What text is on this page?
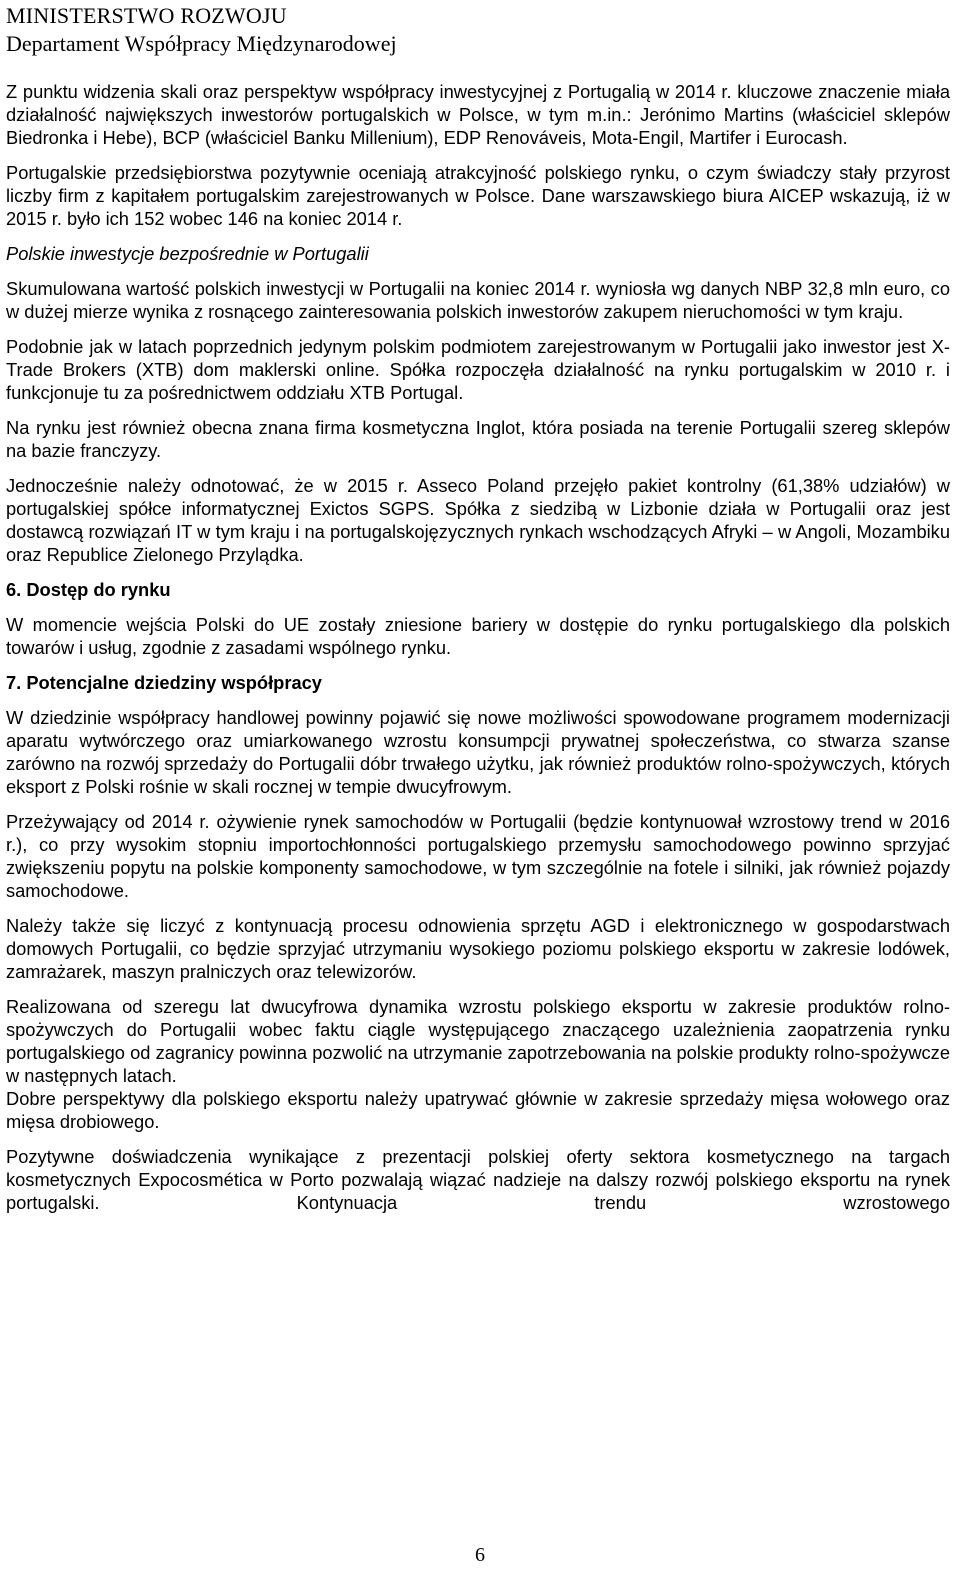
MINISTERSTWO ROZWOJU
Departament Współpracy Międzynarodowej

Z punktu widzenia skali oraz perspektyw współpracy inwestycyjnej z Portugalią w 2014 r. kluczowe znaczenie miała działalność największych inwestorów portugalskich w Polsce, w tym m.in.: Jerónimo Martins (właściciel sklepów Biedronka i Hebe), BCP (właściciel Banku Millenium), EDP Renováveis, Mota-Engil, Martifer i Eurocash.

Portugalskie przedsiębiorstwa pozytywnie oceniają atrakcyjność polskiego rynku, o czym świadczy stały przyrost liczby firm z kapitałem portugalskim zarejestrowanych w Polsce. Dane warszawskiego biura AICEP wskazują, iż w 2015 r. było ich 152 wobec 146 na koniec 2014 r.

Polskie inwestycje bezpośrednie w Portugalii

Skumulowana wartość polskich inwestycji w Portugalii na koniec 2014 r. wyniosła wg danych NBP 32,8 mln euro, co w dużej mierze wynika z rosnącego zainteresowania polskich inwestorów zakupem nieruchomości w tym kraju.

Podobnie jak w latach poprzednich jedynym polskim podmiotem zarejestrowanym w Portugalii jako inwestor jest X-Trade Brokers (XTB) dom maklerski online. Spółka rozpoczęła działalność na rynku portugalskim w 2010 r. i funkcjonuje tu za pośrednictwem oddziału XTB Portugal.

Na rynku jest również obecna znana firma kosmetyczna Inglot, która posiada na terenie Portugalii szereg sklepów na bazie franczyzy.

Jednocześnie należy odnotować, że w 2015 r. Asseco Poland przejęło pakiet kontrolny (61,38% udziałów) w portugalskiej spółce informatycznej Exictos SGPS. Spółka z siedzibą w Lizbonie działa w Portugalii oraz jest dostawcą rozwiązań IT w tym kraju i na portugalskojęzycznych rynkach wschodzących Afryki – w Angoli, Mozambiku oraz Republice Zielonego Przylądka.

6. Dostęp do rynku

W momencie wejścia Polski do UE zostały zniesione bariery w dostępie do rynku portugalskiego dla polskich towarów i usług, zgodnie z zasadami wspólnego rynku.

7. Potencjalne dziedziny współpracy

W dziedzinie współpracy handlowej powinny pojawić się nowe możliwości spowodowane programem modernizacji aparatu wytwórczego oraz umiarkowanego wzrostu konsumpcji prywatnej społeczeństwa, co stwarza szanse zarówno na rozwój sprzedaży do Portugalii dóbr trwałego użytku, jak również produktów rolno-spożywczych, których eksport z Polski rośnie w skali rocznej w tempie dwucyfrowym.

Przeżywający od 2014 r. ożywienie rynek samochodów w Portugalii (będzie kontynuował wzrostowy trend w 2016 r.), co przy wysokim stopniu importochłonności portugalskiego przemysłu samochodowego powinno sprzyjać zwiększeniu popytu na polskie komponenty samochodowe, w tym szczególnie na fotele i silniki, jak również pojazdy samochodowe.

Należy także się liczyć z kontynuacją procesu odnowienia sprzętu AGD i elektronicznego w gospodarstwach domowych Portugalii, co będzie sprzyjać utrzymaniu wysokiego poziomu polskiego eksportu w zakresie lodówek, zamrażarek, maszyn pralniczych oraz telewizorów.

Realizowana od szeregu lat dwucyfrowa dynamika wzrostu polskiego eksportu w zakresie produktów rolno-spożywczych do Portugalii wobec faktu ciągle występującego znaczącego uzależnienia zaopatrzenia rynku portugalskiego od zagranicy powinna pozwolić na utrzymanie zapotrzebowania na polskie produkty rolno-spożywcze w następnych latach.

Dobre perspektywy dla polskiego eksportu należy upatrywać głównie w zakresie sprzedaży mięsa wołowego oraz mięsa drobiowego.

Pozytywne doświadczenia wynikające z prezentacji polskiej oferty sektora kosmetycznego na targach kosmetycznych Expocosmética w Porto pozwalają wiązać nadzieje na dalszy rozwój polskiego eksportu na rynek portugalski. Kontynuacja trendu wzrostowego

6
